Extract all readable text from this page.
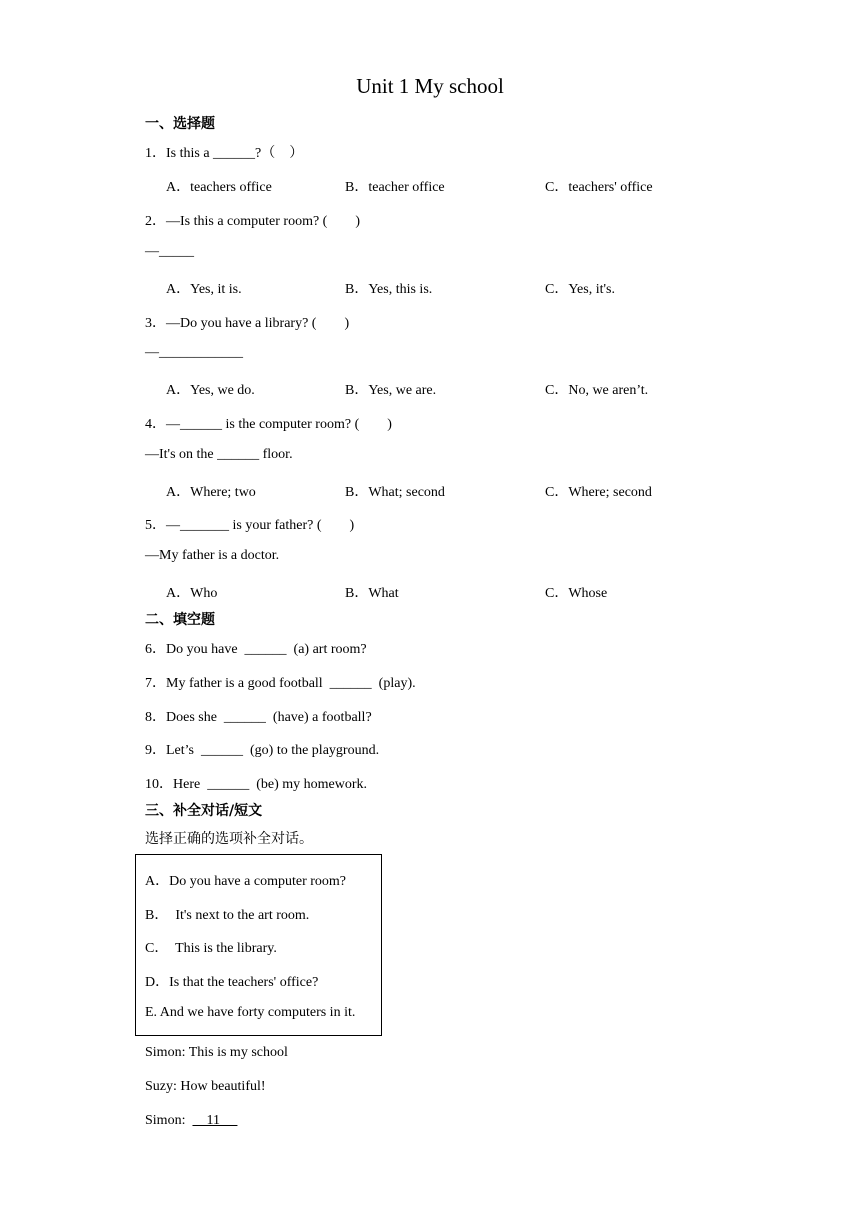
Unit 1 My school
一、选择题
1．Is this a ______?（　）
A．teachers office	B．teacher office	C．teachers' office
2．—Is this a computer room? (　　)
—_____
A．Yes, it is.	B．Yes, this is.	C．Yes, it's.
3．—Do you have a library? (　　)
—____________
A．Yes, we do.	B．Yes, we are.	C．No, we aren’t.
4．—______ is the computer room? (　　)
—It's on the ______ floor.
A．Where; two	B．What; second	C．Where; second
5．—_______ is your father? (　　)
—My father is a doctor.
A．Who	B．What	C．Whose
二、填空题
6．Do you have  ______  (a) art room?
7．My father is a good football  ______  (play).
8．Does she  ______  (have) a football?
9．Let’s  ______  (go) to the playground.
10．Here  ______  (be) my homework.
三、补全对话/短文
选择正确的选项补全对话。
A．Do you have a computer room?
B．  It's next to the art room.
C．  This is the library.
D．Is that the teachers' office?
E. And we have forty computers in it.
Simon: This is my school
Suzy: How beautiful!
Simon:      11
